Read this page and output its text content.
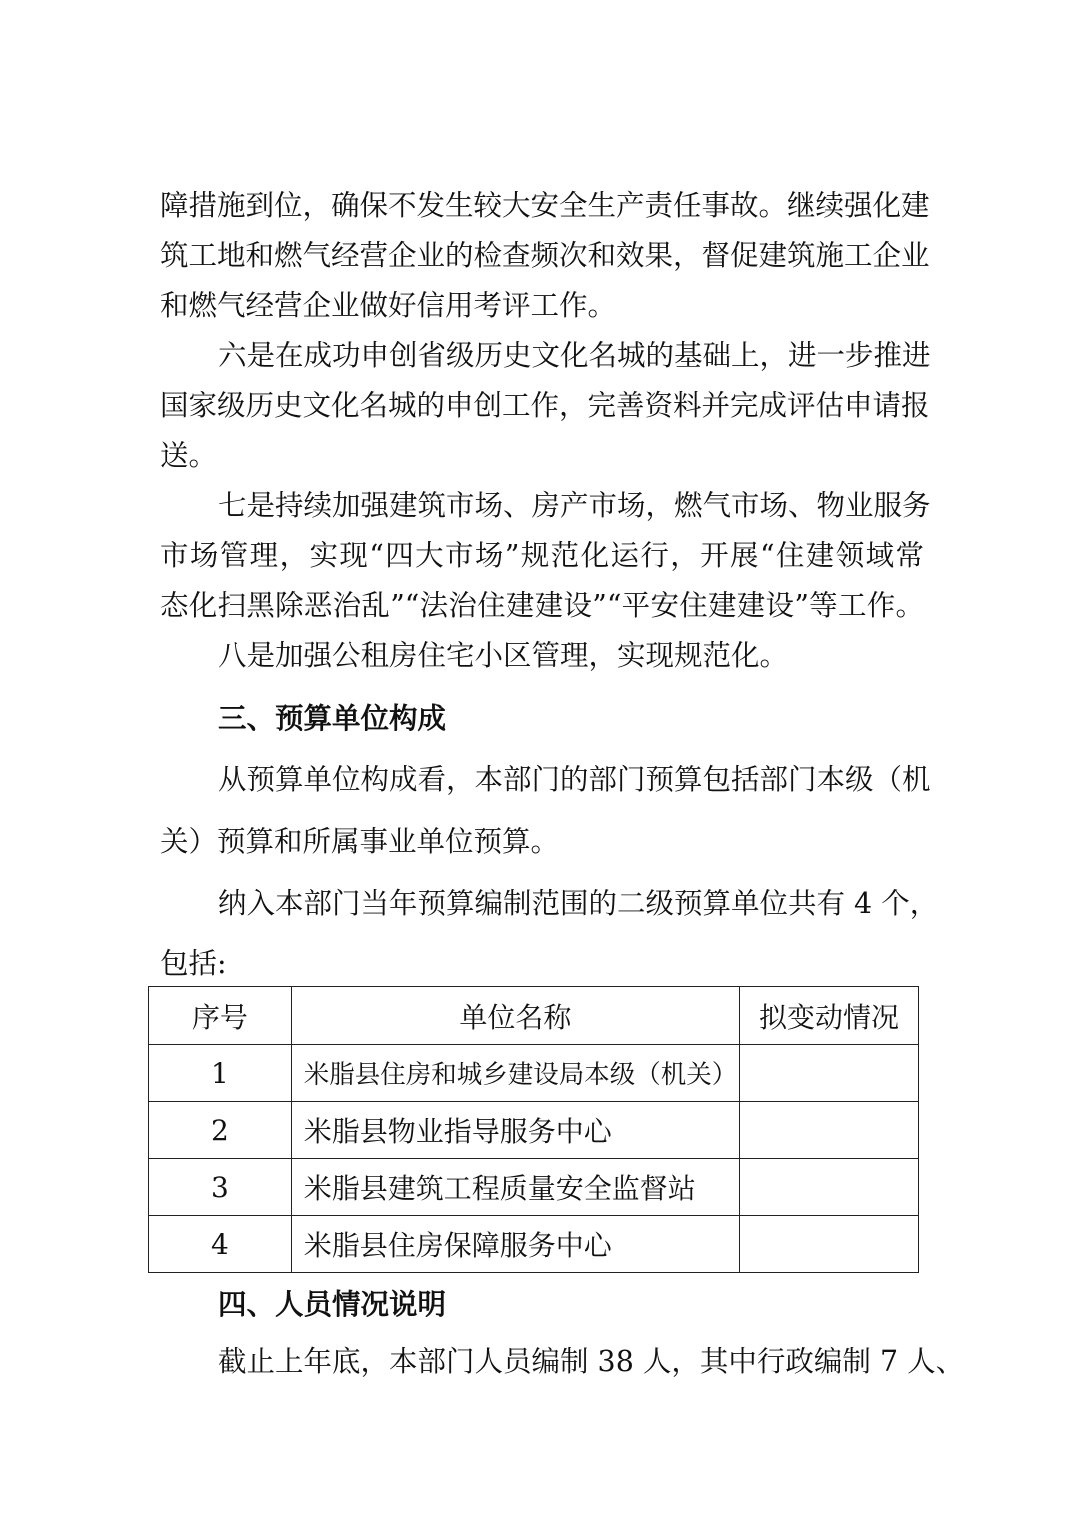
障措施到位，确保不发生较大安全生产责任事故。继续强化建
筑工地和燃气经营企业的检查频次和效果，督促建筑施工企业
和燃气经营企业做好信用考评工作。
六是在成功申创省级历史文化名城的基础上，进一步推进
国家级历史文化名城的申创工作，完善资料并完成评估申请报
送。
七是持续加强建筑市场、房产市场，燃气市场、物业服务
市场管理，实现“四大市场”规范化运行，开展“住建领域常
态化扫黑除恶治乱”“法治住建建设”“平安住建建设”等工作。
八是加强公租房住宅小区管理，实现规范化。
三、预算单位构成
从预算单位构成看，本部门的部门预算包括部门本级（机
关）预算和所属事业单位预算。
纳入本部门当年预算编制范围的二级预算单位共有 4 个，
包括:
序号	单位名称	拟变动情况
1	米脂县住房和城乡建设局本级（机关）	
2	米脂县物业指导服务中心	
3	米脂县建筑工程质量安全监督站	
4	米脂县住房保障服务中心	
四、人员情况说明
截止上年底，本部门人员编制 38 人，其中行政编制 7 人、
